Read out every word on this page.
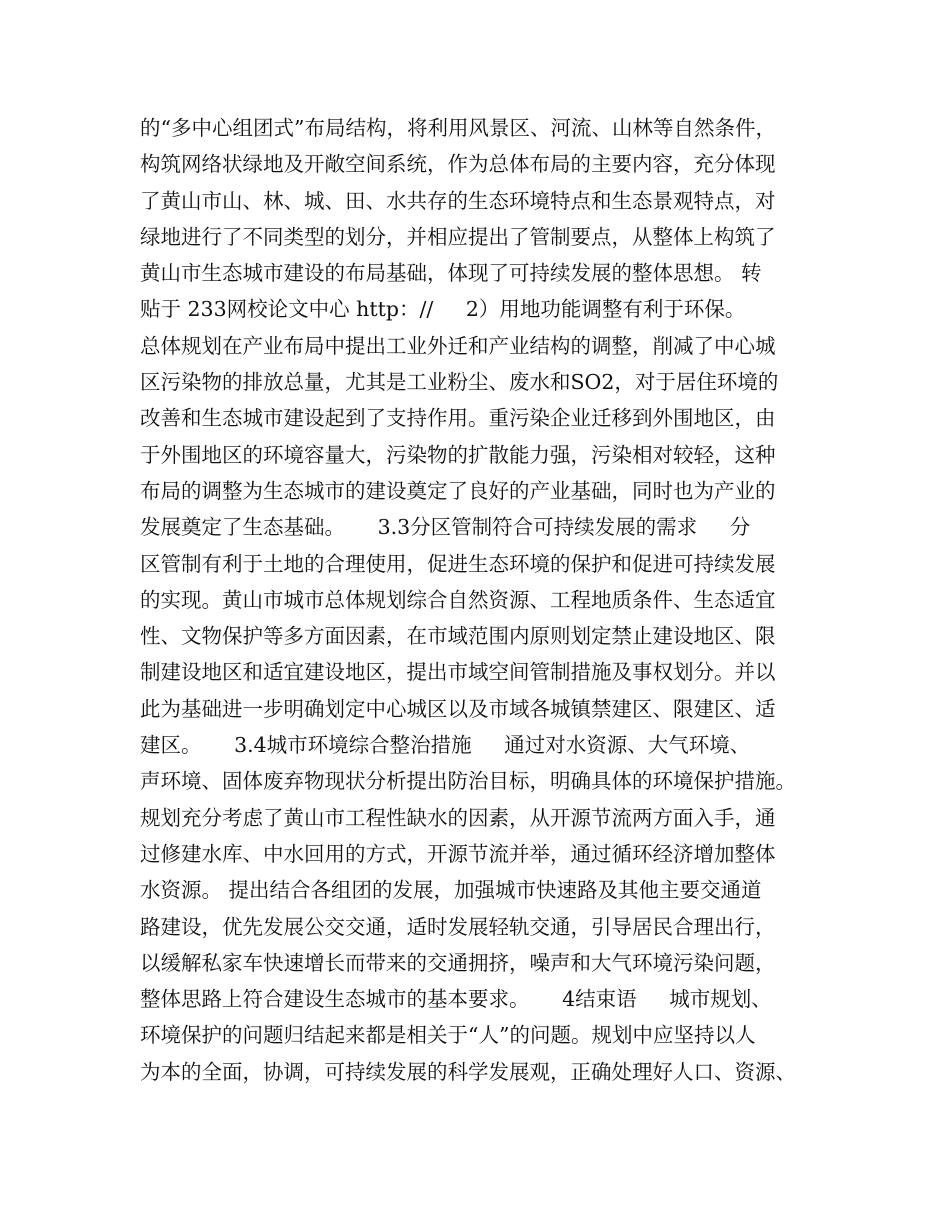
的“多中心组团式”布局结构，将利用风景区、河流、山林等自然条件，
构筑网络状绿地及开敞空间系统，作为总体布局的主要内容，充分体现
了黄山市山、林、城、田、水共存的生态环境特点和生态景观特点，对
绿地进行了不同类型的划分，并相应提出了管制要点，从整体上构筑了
黄山市生态城市建设的布局基础，体现了可持续发展的整体思想。 转
贴于 233网校论文中心 http：//     2）用地功能调整有利于环保。
总体规划在产业布局中提出工业外迁和产业结构的调整，削减了中心城
区污染物的排放总量，尤其是工业粉尘、废水和SO2，对于居住环境的
改善和生态城市建设起到了支持作用。重污染企业迁移到外围地区，由
于外围地区的环境容量大，污染物的扩散能力强，污染相对较轻，这种
布局的调整为生态城市的建设奠定了良好的产业基础，同时也为产业的
发展奠定了生态基础。     3.3分区管制符合可持续发展的需求     分
区管制有利于土地的合理使用，促进生态环境的保护和促进可持续发展
的实现。黄山市城市总体规划综合自然资源、工程地质条件、生态适宜
性、文物保护等多方面因素，在市域范围内原则划定禁止建设地区、限
制建设地区和适宜建设地区，提出市域空间管制措施及事权划分。并以
此为基础进一步明确划定中心城区以及市域各城镇禁建区、限建区、适
建区。     3.4城市环境综合整治措施     通过对水资源、大气环境、
声环境、固体废弃物现状分析提出防治目标，明确具体的环境保护措施。
规划充分考虑了黄山市工程性缺水的因素，从开源节流两方面入手，通
过修建水库、中水回用的方式，开源节流并举，通过循环经济增加整体
水资源。 提出结合各组团的发展，加强城市快速路及其他主要交通道
路建设，优先发展公交交通，适时发展轻轨交通，引导居民合理出行，
以缓解私家车快速增长而带来的交通拥挤，噪声和大气环境污染问题，
整体思路上符合建设生态城市的基本要求。     4结束语     城市规划、
环境保护的问题归结起来都是相关于“人”的问题。规划中应坚持以人
为本的全面，协调，可持续发展的科学发展观，正确处理好人口、资源、
